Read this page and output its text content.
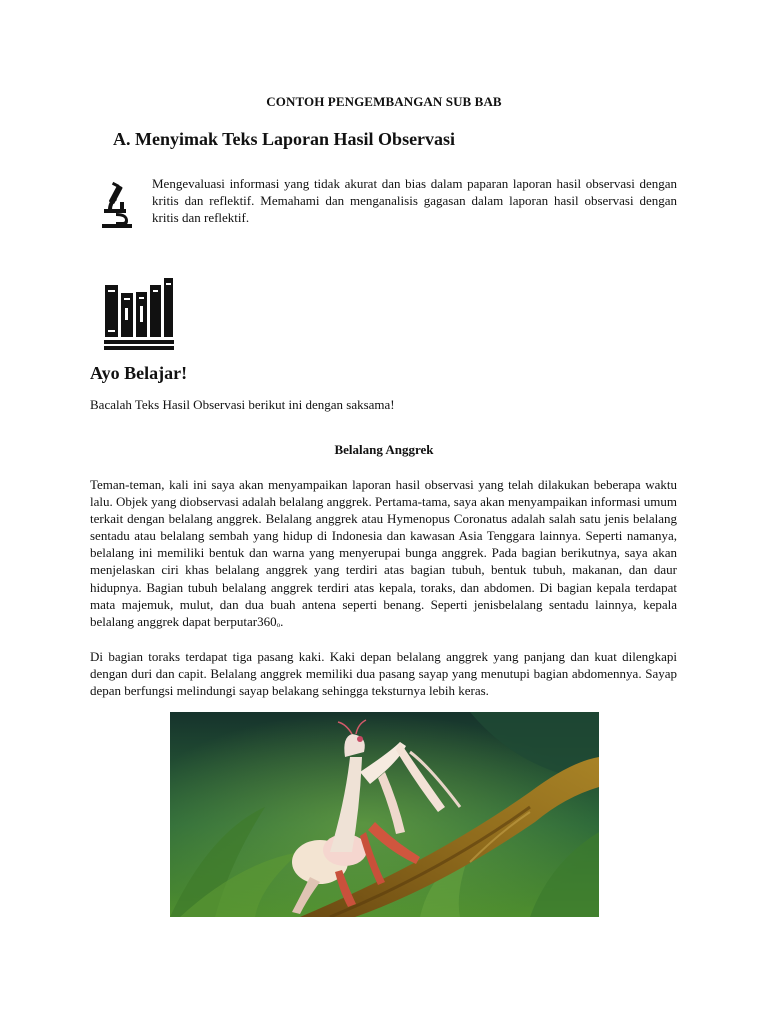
CONTOH PENGEMBANGAN SUB BAB
A. Menyimak Teks Laporan Hasil Observasi
Mengevaluasi informasi yang tidak akurat dan bias dalam paparan laporan hasil observasi dengan kritis dan reflektif. Memahami dan menganalisis gagasan dalam laporan hasil observasi dengan kritis dan reflektif.
Ayo Belajar!
Bacalah Teks Hasil Observasi berikut ini dengan saksama!
Belalang Anggrek
Teman-teman, kali ini saya akan menyampaikan laporan hasil observasi yang telah dilakukan beberapa waktu lalu. Objek yang diobservasi adalah belalang anggrek. Pertama-tama, saya akan menyampaikan informasi umum terkait dengan belalang anggrek. Belalang anggrek atau Hymenopus Coronatus adalah salah satu jenis belalang sentadu atau belalang sembah yang hidup di Indonesia dan kawasan Asia Tenggara lainnya. Seperti namanya, belalang ini memiliki bentuk dan warna yang menyerupai bunga anggrek. Pada bagian berikutnya, saya akan menjelaskan ciri khas belalang anggrek yang terdiri atas bagian tubuh, bentuk tubuh, makanan, dan daur hidupnya. Bagian tubuh belalang anggrek terdiri atas kepala, toraks, dan abdomen. Di bagian kepala terdapat mata majemuk, mulut, dan dua buah antena seperti benang. Seperti jenisbelalang sentadu lainnya, kepala belalang anggrek dapat $berputar360_o$.
Di bagian toraks terdapat tiga pasang kaki. Kaki depan belalang anggrek yang panjang dan kuat dilengkapi dengan duri dan capit. Belalang anggrek memiliki dua pasang sayap yang menutupi bagian abdomennya. Sayap depan berfungsi melindungi sayap belakang sehingga teksturnya lebih keras.
